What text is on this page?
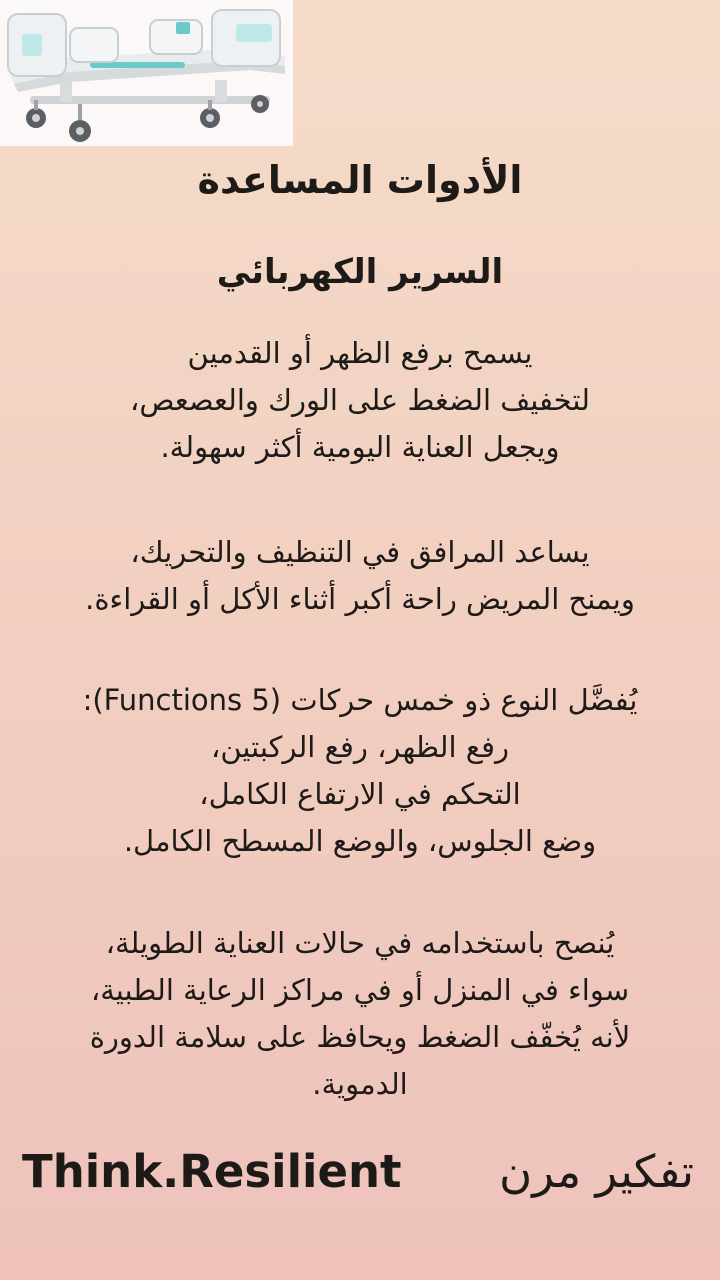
الأدوات المساعدة
السرير الكهربائي

يسمح برفع الظهر أو القدمين
لتخفيف الضغط على الورك والعصعص،
ويجعل العناية اليومية أكثر سهولة.

يساعد المرافق في التنظيف والتحريك،
ويمنح المريض راحة أكبر أثناء الأكل أو القراءة.

يُفضَّل النوع ذو خمس حركات (5 Functions):
رفع الظهر، رفع الركبتين،
التحكم في الارتفاع الكامل،
وضع الجلوس، والوضع المسطح الكامل.

يُنصح باستخدامه في حالات العناية الطويلة،
سواء في المنزل أو في مراكز الرعاية الطبية،
لأنه يُخفّف الضغط ويحافظ على سلامة الدورة
الدموية.

Think.Resilient تفكير مرن
